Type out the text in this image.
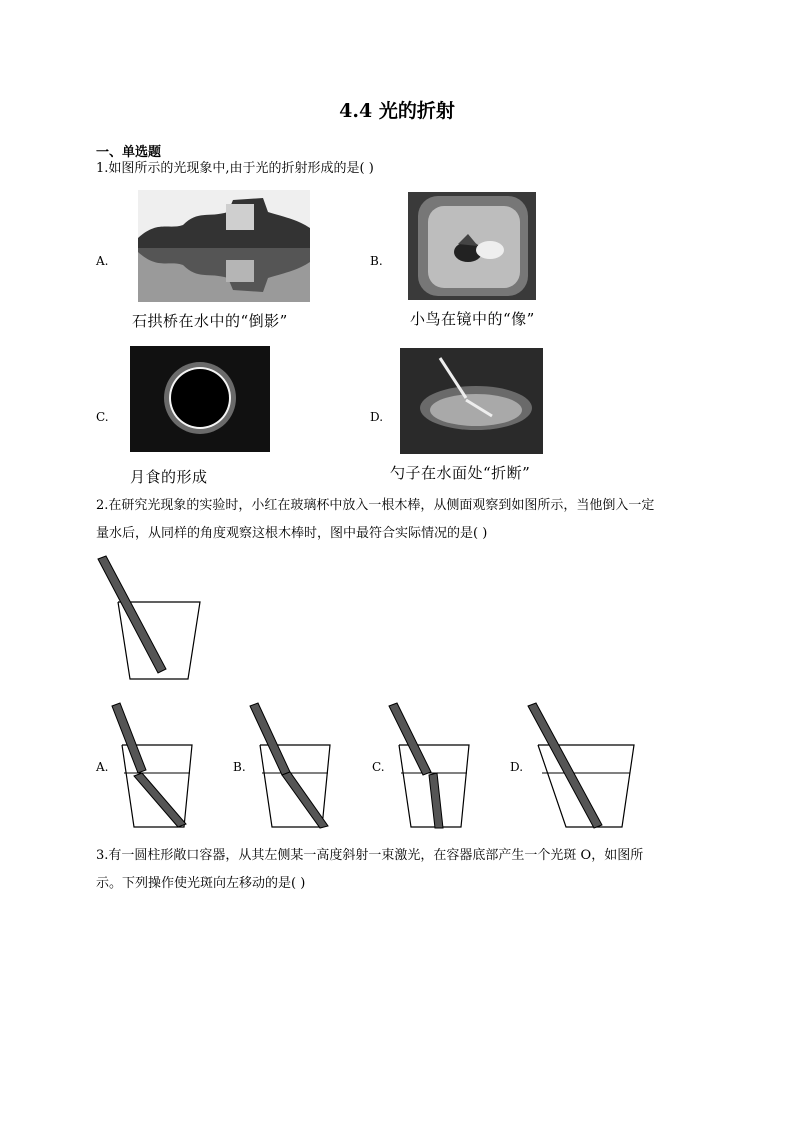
4.4 光的折射
一、单选题
1.如图所示的光现象中,由于光的折射形成的是( )
A.
石拱桥在水中的“倒影”
B.
小鸟在镜中的“像”
C.
月食的形成
D.
勺子在水面处“折断”
2.在研究光现象的实验时，小红在玻璃杯中放入一根木棒，从侧面观察到如图所示，当他倒入一定
量水后，从同样的角度观察这根木棒时，图中最符合实际情况的是( )
A.	B.	C.	D.
3.有一圆柱形敞口容器，从其左侧某一高度斜射一束激光，在容器底部产生一个光斑 O，如图所
示。下列操作使光斑向左移动的是( )
